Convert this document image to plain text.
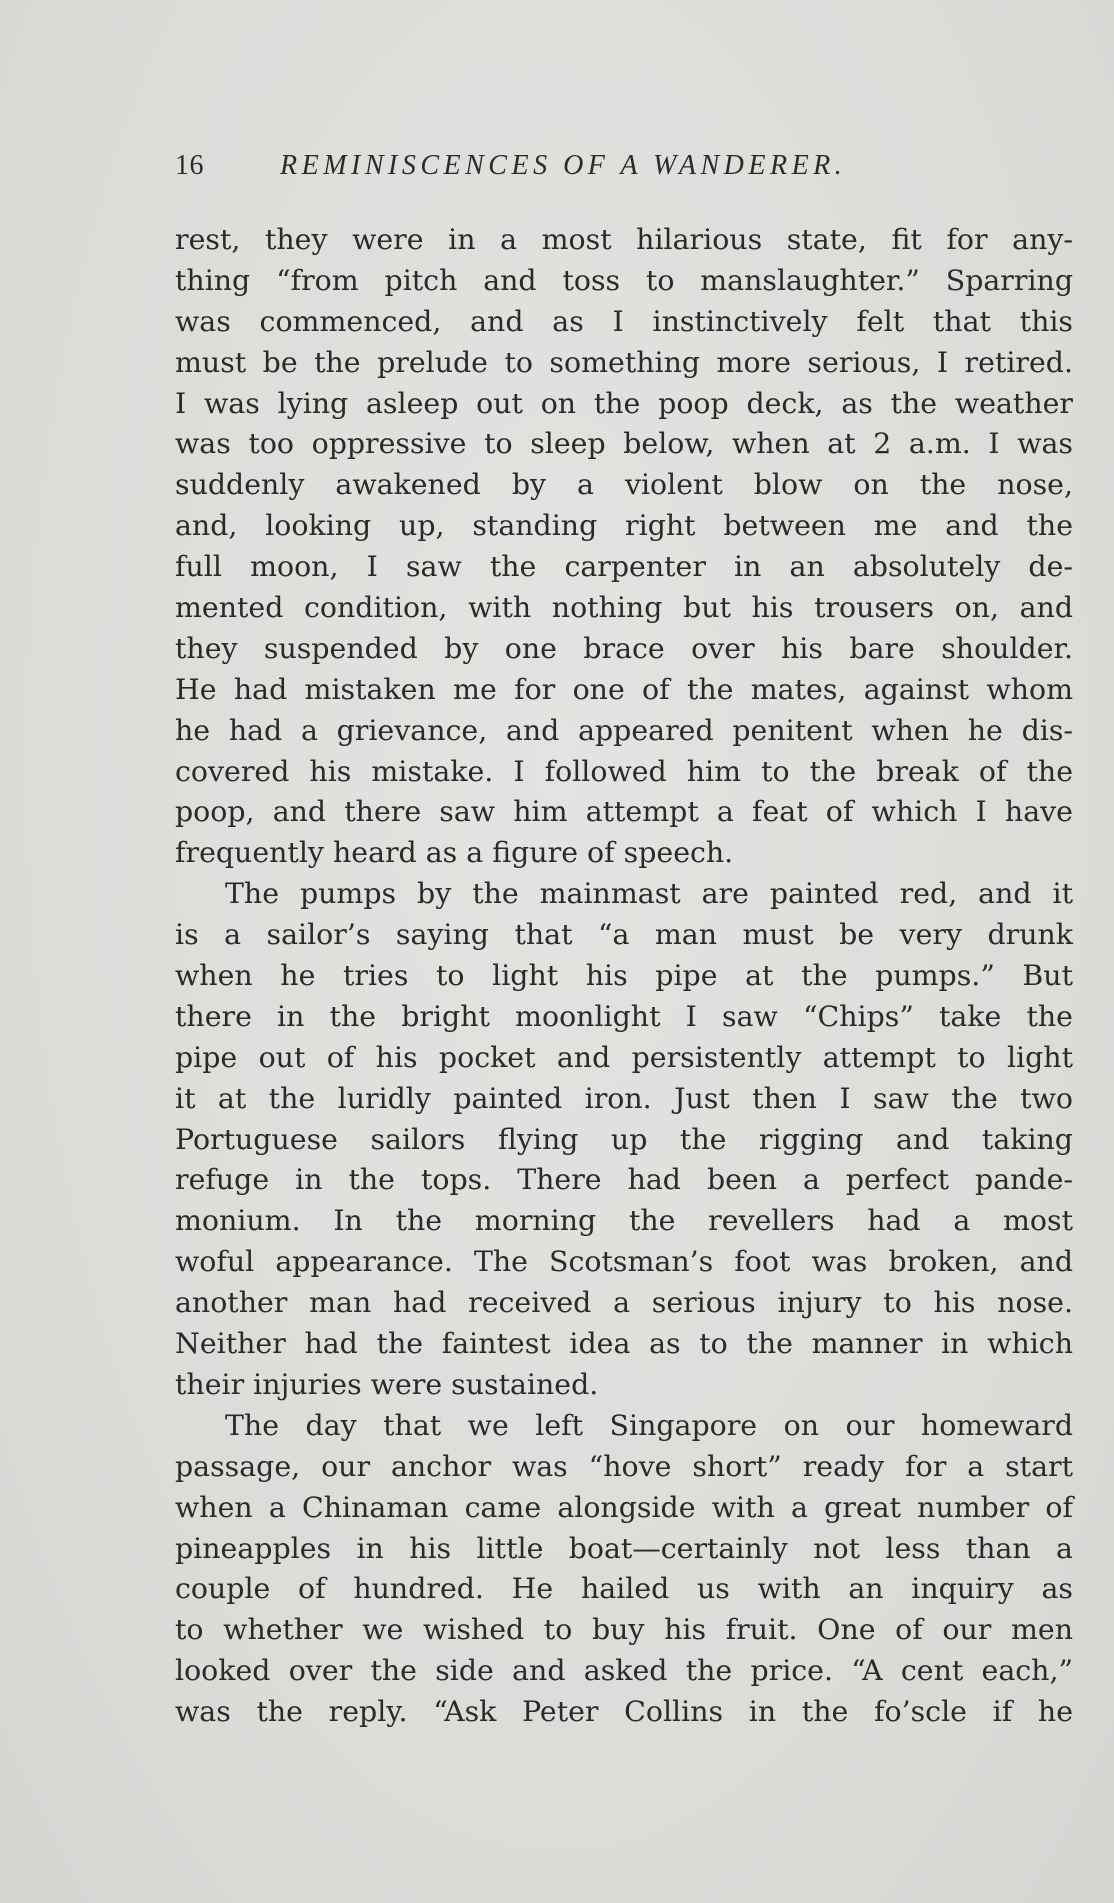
16	REMINISCENCES OF A WANDERER.
rest, they were in a most hilarious state, fit for any-
thing “from pitch and toss to manslaughter.” Sparring
was commenced, and as I instinctively felt that this
must be the prelude to something more serious, I retired.
I was lying asleep out on the poop deck, as the weather
was too oppressive to sleep below, when at 2 a.m. I was
suddenly awakened by a violent blow on the nose,
and, looking up, standing right between me and the
full moon, I saw the carpenter in an absolutely de-
mented condition, with nothing but his trousers on, and
they suspended by one brace over his bare shoulder.
He had mistaken me for one of the mates, against whom
he had a grievance, and appeared penitent when he dis-
covered his mistake. I followed him to the break of the
poop, and there saw him attempt a feat of which I have
frequently heard as a figure of speech.
The pumps by the mainmast are painted red, and it
is a sailor’s saying that “a man must be very drunk
when he tries to light his pipe at the pumps.” But
there in the bright moonlight I saw “Chips” take the
pipe out of his pocket and persistently attempt to light
it at the luridly painted iron. Just then I saw the two
Portuguese sailors flying up the rigging and taking
refuge in the tops. There had been a perfect pande-
monium. In the morning the revellers had a most
woful appearance. The Scotsman’s foot was broken, and
another man had received a serious injury to his nose.
Neither had the faintest idea as to the manner in which
their injuries were sustained.
The day that we left Singapore on our homeward
passage, our anchor was “hove short” ready for a start
when a Chinaman came alongside with a great number of
pineapples in his little boat—certainly not less than a
couple of hundred. He hailed us with an inquiry as
to whether we wished to buy his fruit. One of our men
looked over the side and asked the price. “A cent each,”
was the reply. “Ask Peter Collins in the fo’scle if he
